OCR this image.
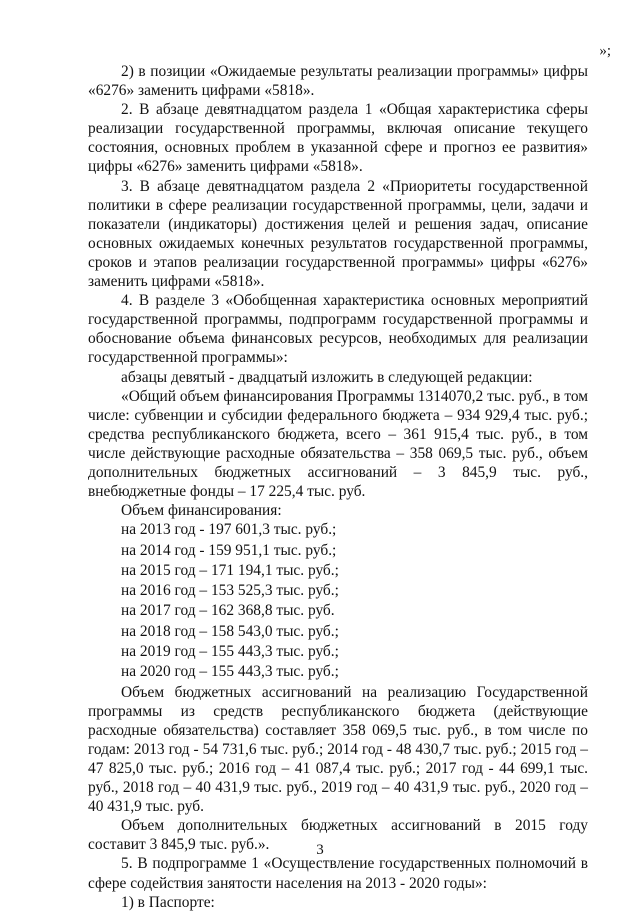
»;

2) в позиции «Ожидаемые результаты реализации программы» цифры «6276» заменить цифрами «5818».

2. В абзаце девятнадцатом раздела 1 «Общая характеристика сферы реализации государственной программы, включая описание текущего состояния, основных проблем в указанной сфере и прогноз ее развития» цифры «6276» заменить цифрами «5818».

3. В абзаце девятнадцатом раздела 2 «Приоритеты государственной политики в сфере реализации государственной программы, цели, задачи и показатели (индикаторы) достижения целей и решения задач, описание основных ожидаемых конечных результатов государственной программы, сроков и этапов реализации государственной программы» цифры «6276» заменить цифрами «5818».

4. В разделе 3 «Обобщенная характеристика основных мероприятий государственной программы, подпрограмм государственной программы и обоснование объема финансовых ресурсов, необходимых для реализации государственной программы»:

абзацы девятый - двадцатый изложить в следующей редакции:

«Общий объем финансирования Программы 1314070,2 тыс. руб., в том числе: субвенции и субсидии федерального бюджета – 934 929,4 тыс. руб.; средства республиканского бюджета, всего – 361 915,4 тыс. руб., в том числе действующие расходные обязательства – 358 069,5 тыс. руб., объем дополнительных бюджетных ассигнований – 3 845,9 тыс. руб., внебюджетные фонды – 17 225,4 тыс. руб.

Объем финансирования:

на 2013 год - 197 601,3 тыс. руб.;

на 2014 год - 159 951,1 тыс. руб.;

на 2015 год – 171 194,1 тыс. руб.;

на 2016 год – 153 525,3 тыс. руб.;

на 2017 год – 162 368,8 тыс. руб.

на 2018 год – 158 543,0 тыс. руб.;

на 2019 год – 155 443,3 тыс. руб.;

на 2020 год – 155 443,3 тыс. руб.;

Объем бюджетных ассигнований на реализацию Государственной программы из средств республиканского бюджета (действующие расходные обязательства) составляет 358 069,5 тыс. руб., в том числе по годам: 2013 год - 54 731,6 тыс. руб.; 2014 год - 48 430,7 тыс. руб.; 2015 год – 47 825,0 тыс. руб.; 2016 год – 41 087,4 тыс. руб.; 2017 год - 44 699,1 тыс. руб., 2018 год – 40 431,9 тыс. руб., 2019 год – 40 431,9 тыс. руб., 2020 год – 40 431,9 тыс. руб.

Объем дополнительных бюджетных ассигнований в 2015 году составит 3 845,9 тыс. руб.».

5. В подпрограмме 1 «Осуществление государственных полномочий в сфере содействия занятости населения на 2013 - 2020 годы»:

1) в Паспорте:

3
